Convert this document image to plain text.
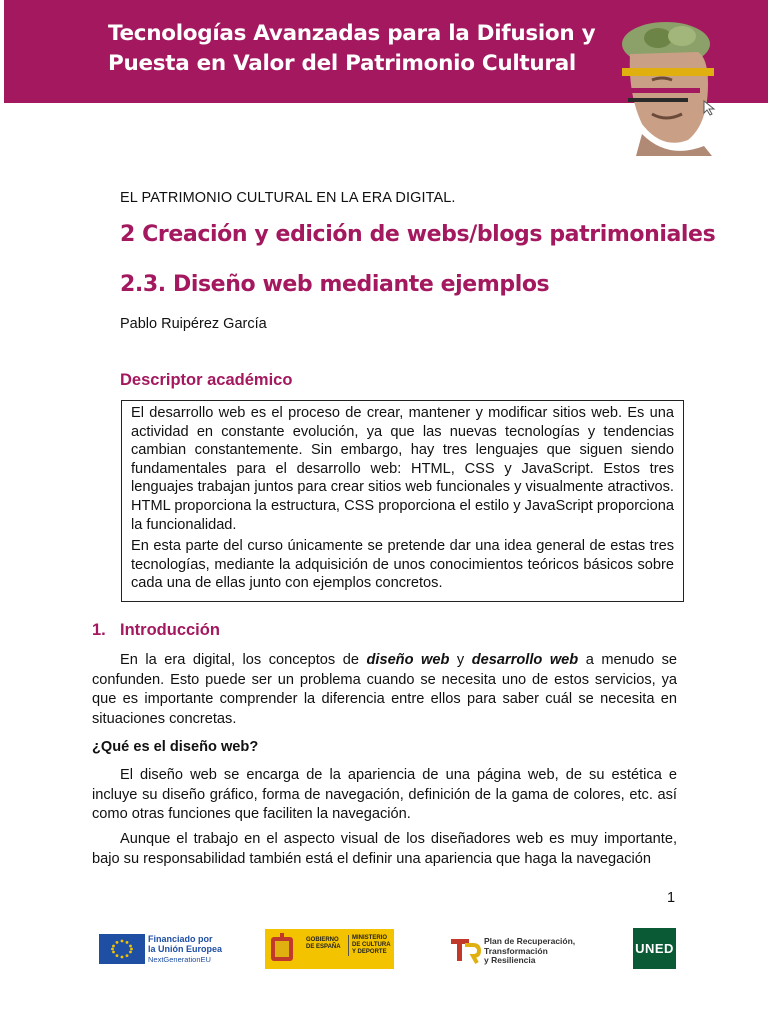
Tecnologías Avanzadas para la Difusion y
Puesta en Valor del Patrimonio Cultural
EL PATRIMONIO CULTURAL EN LA ERA DIGITAL.
2 Creación y edición de webs/blogs patrimoniales
2.3. Diseño web mediante ejemplos
Pablo Ruipérez García
Descriptor académico

El desarrollo web es el proceso de crear, mantener y modificar sitios web. Es una actividad en constante evolución, ya que las nuevas tecnologías y tendencias cambian constantemente. Sin embargo, hay tres lenguajes que siguen siendo fundamentales para el desarrollo web: HTML, CSS y JavaScript. Estos tres lenguajes trabajan juntos para crear sitios web funcionales y visualmente atractivos. HTML proporciona la estructura, CSS proporciona el estilo y JavaScript proporciona la funcionalidad.

En esta parte del curso únicamente se pretende dar una idea general de estas tres tecnologías, mediante la adquisición de unos conocimientos teóricos básicos sobre cada una de ellas junto con ejemplos concretos.

1. Introducción
En la era digital, los conceptos de diseño web y desarrollo web a menudo se confunden. Esto puede ser un problema cuando se necesita uno de estos servicios, ya que es importante comprender la diferencia entre ellos para saber cuál se necesita en situaciones concretas.
¿Qué es el diseño web?
El diseño web se encarga de la apariencia de una página web, de su estética e incluye su diseño gráfico, forma de navegación, definición de la gama de colores, etc. así como otras funciones que faciliten la navegación.
Aunque el trabajo en el aspecto visual de los diseñadores web es muy importante, bajo su responsabilidad también está el definir una apariencia que haga la navegación
1
Financiado por
la Unión Europea
NextGenerationEU
GOBIERNO
DE ESPAÑA
MINISTERIO
DE CULTURA
Y DEPORTE
Plan de Recuperación,
Transformación
y Resiliencia
UNED
